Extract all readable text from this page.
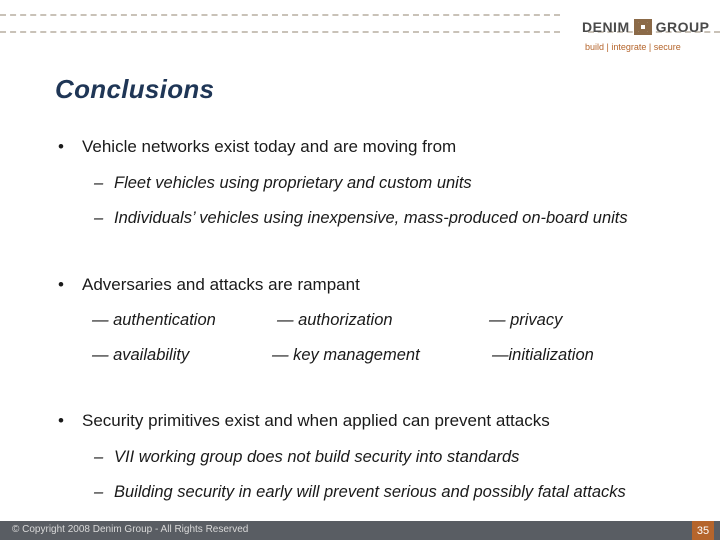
DENIM GROUP
build | integrate | secure
Conclusions
• Vehicle networks exist today and are moving from
– Fleet vehicles using proprietary and custom units
– Individuals’ vehicles using inexpensive, mass-produced on-board units
• Adversaries and attacks are rampant
— authentication	— authorization	— privacy
— availability	— key management	—initialization
• Security primitives exist and when applied can prevent attacks
– VII working group does not build security into standards
– Building security in early will prevent serious and possibly fatal attacks
© Copyright 2008 Denim Group - All Rights Reserved	35
